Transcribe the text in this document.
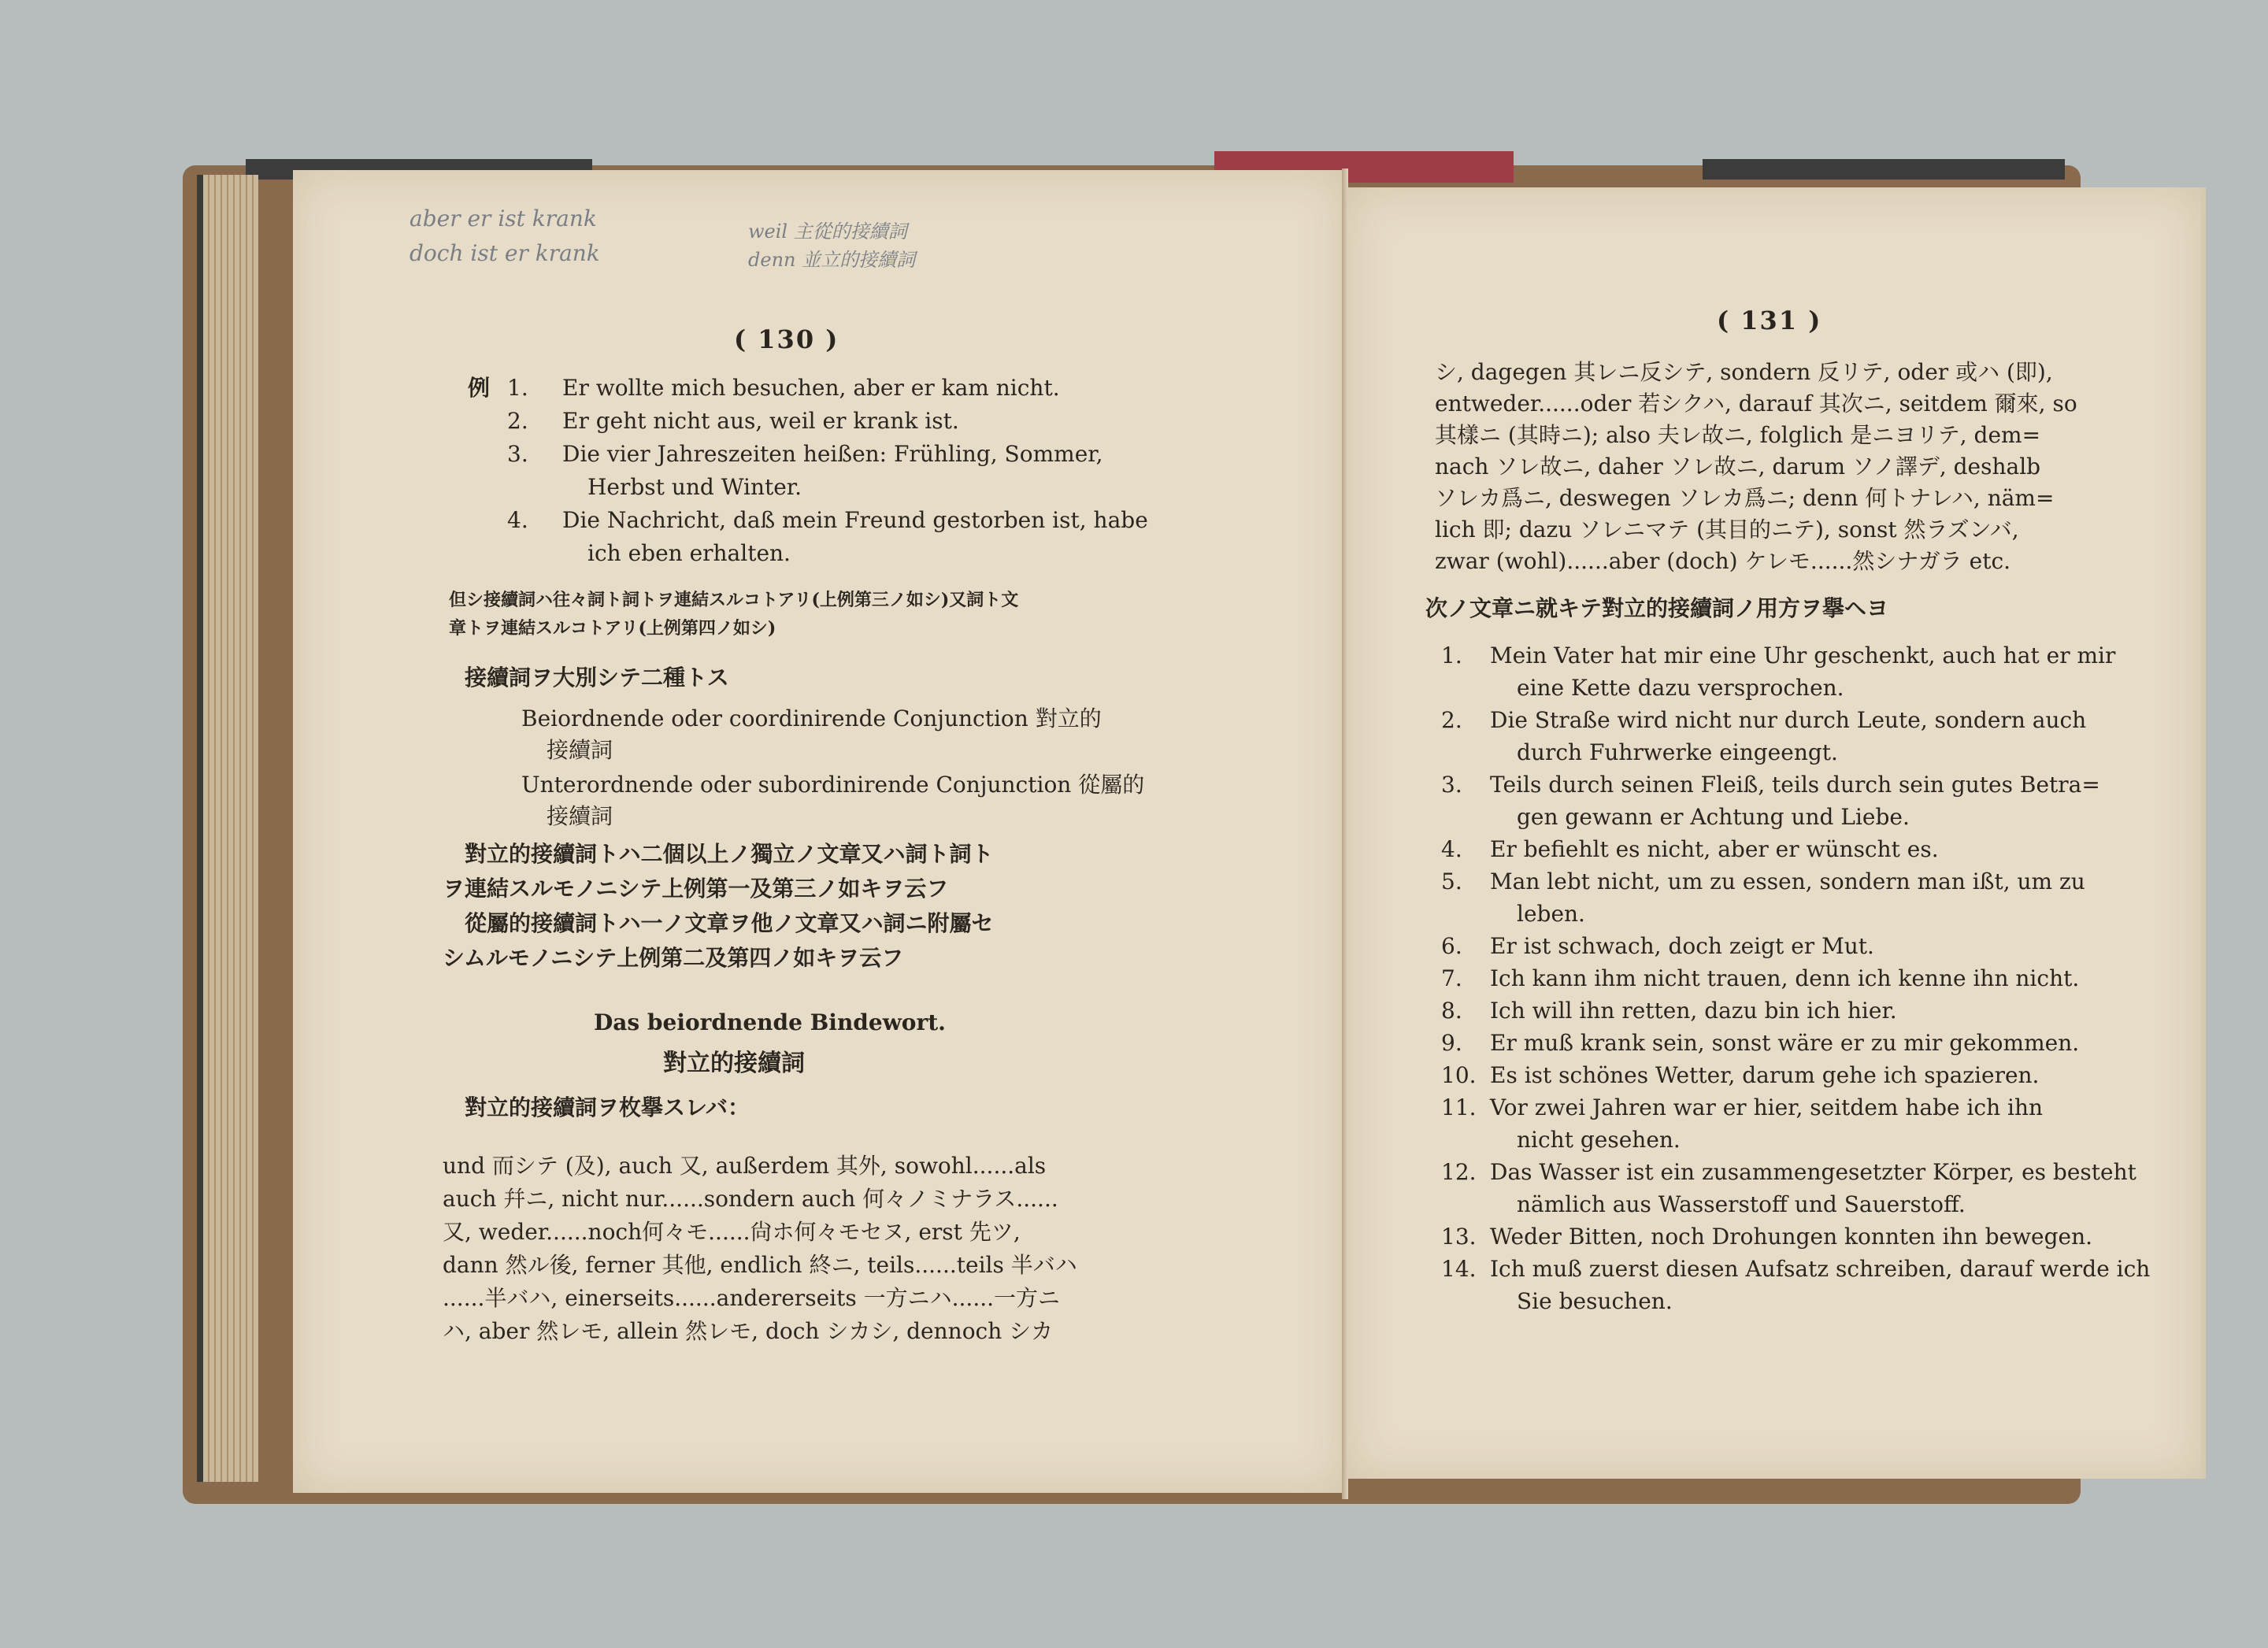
aber er ist krank
doch ist er krank
weil 主從的接續詞
denn 並立的接續詞
( 130 )
例 1.	Er wollte mich besuchen, aber er kam nicht.
2.	Er geht nicht aus, weil er krank ist.
3.	Die vier Jahreszeiten heißen: Frühling, Sommer,
Herbst und Winter.
4.	Die Nachricht, daß mein Freund gestorben ist, habe
ich eben erhalten.
但シ接續詞ハ往々詞ト詞トヲ連結スルコトアリ(上例第三ノ如シ)又詞ト文
章トヲ連結スルコトアリ(上例第四ノ如シ)
接續詞ヲ大別シテ二種トス
Beiordnende oder coordinirende Conjunction 對立的
接續詞
Unterordnende oder subordinirende Conjunction 從屬的
接續詞
對立的接續詞トハ二個以上ノ獨立ノ文章又ハ詞ト詞ト
ヲ連結スルモノニシテ上例第一及第三ノ如キヲ云フ
從屬的接續詞トハ一ノ文章ヲ他ノ文章又ハ詞ニ附屬セ
シムルモノニシテ上例第二及第四ノ如キヲ云フ
Das beiordnende Bindewort.
對立的接續詞
對立的接續詞ヲ枚擧スレバ：
und 而シテ (及), auch 又, außerdem 其外, sowohl......als
auch 幷ニ, nicht nur......sondern auch 何々ノミナラス......
又, weder......noch何々モ......尙ホ何々モセヌ, erst 先ツ,
dann 然ル後, ferner 其他, endlich 終ニ, teils......teils 半バハ
......半バハ, einerseits......andererseits 一方ニハ......一方ニ
ハ, aber 然レモ, allein 然レモ, doch シカシ, dennoch シカ
( 131 )
シ, dagegen 其レニ反シテ, sondern 反リテ, oder 或ハ (即),
entweder......oder 若シクハ, darauf 其次ニ, seitdem 爾來, so
其樣ニ (其時ニ); also 夫レ故ニ, folglich 是ニヨリテ, dem=
nach ソレ故ニ, daher ソレ故ニ, darum ソノ譯デ, deshalb
ソレカ爲ニ, deswegen ソレカ爲ニ; denn 何トナレハ, näm=
lich 即; dazu ソレニマテ (其目的ニテ), sonst 然ラズンバ,
zwar (wohl)......aber (doch) ケレモ......然シナガラ etc.
次ノ文章ニ就キテ對立的接續詞ノ用方ヲ擧ヘヨ
1.	Mein Vater hat mir eine Uhr geschenkt, auch hat er mir
eine Kette dazu versprochen.
2.	Die Straße wird nicht nur durch Leute, sondern auch
durch Fuhrwerke eingeengt.
3.	Teils durch seinen Fleiß, teils durch sein gutes Betra=
gen gewann er Achtung und Liebe.
4.	Er befiehlt es nicht, aber er wünscht es.
5.	Man lebt nicht, um zu essen, sondern man ißt, um zu
leben.
6.	Er ist schwach, doch zeigt er Mut.
7.	Ich kann ihm nicht trauen, denn ich kenne ihn nicht.
8.	Ich will ihn retten, dazu bin ich hier.
9.	Er muß krank sein, sonst wäre er zu mir gekommen.
10. Es ist schönes Wetter, darum gehe ich spazieren.
11. Vor zwei Jahren war er hier, seitdem habe ich ihn
nicht gesehen.
12. Das Wasser ist ein zusammengesetzter Körper, es besteht
nämlich aus Wasserstoff und Sauerstoff.
13. Weder Bitten, noch Drohungen konnten ihn bewegen.
14. Ich muß zuerst diesen Aufsatz schreiben, darauf werde ich
Sie besuchen.
